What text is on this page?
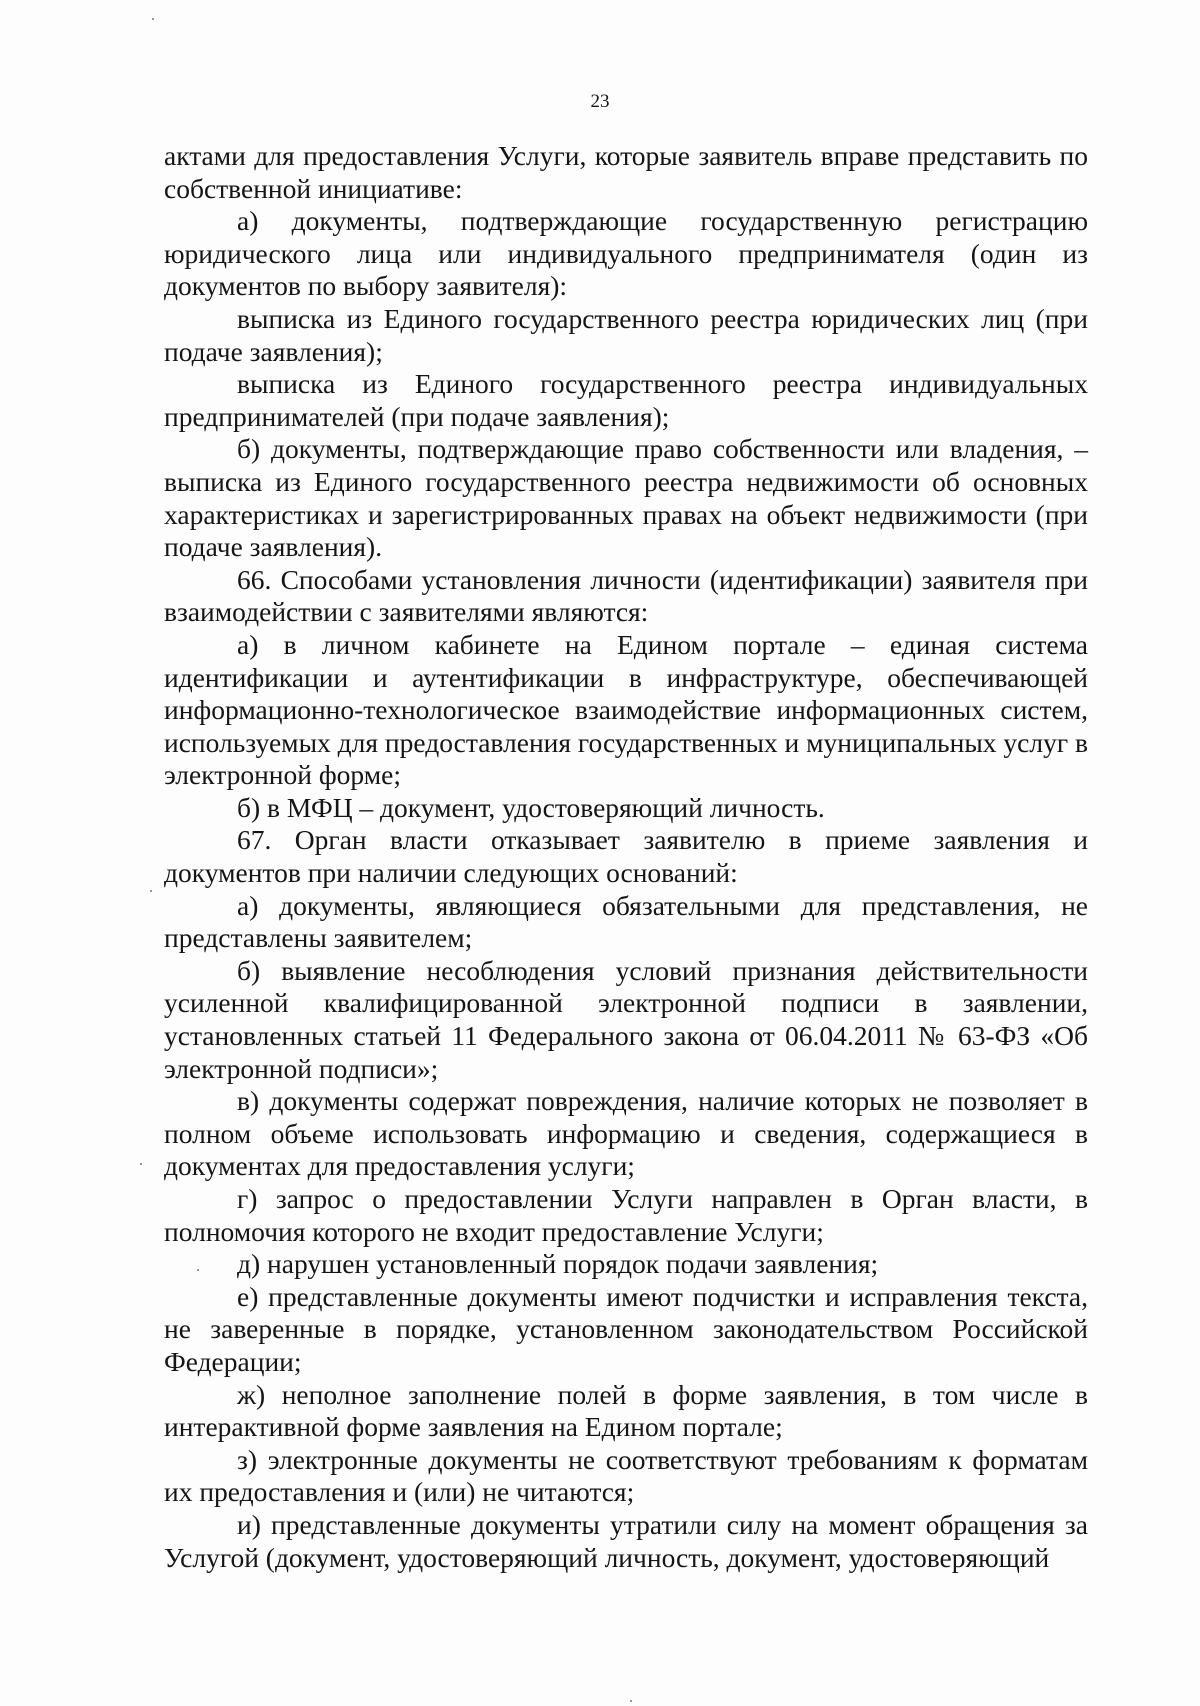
23

актами для предоставления Услуги, которые заявитель вправе представить по собственной инициативе:

а) документы, подтверждающие государственную регистрацию юридического лица или индивидуального предпринимателя (один из документов по выбору заявителя):

выписка из Единого государственного реестра юридических лиц (при подаче заявления);

выписка из Единого государственного реестра индивидуальных предпринимателей (при подаче заявления);

б) документы, подтверждающие право собственности или владения, – выписка из Единого государственного реестра недвижимости об основных характеристиках и зарегистрированных правах на объект недвижимости (при подаче заявления).

66. Способами установления личности (идентификации) заявителя при взаимодействии с заявителями являются:

а) в личном кабинете на Едином портале – единая система идентификации и аутентификации в инфраструктуре, обеспечивающей информационно-технологическое взаимодействие информационных систем, используемых для предоставления государственных и муниципальных услуг в электронной форме;

б) в МФЦ – документ, удостоверяющий личность.

67. Орган власти отказывает заявителю в приеме заявления и документов при наличии следующих оснований:

а) документы, являющиеся обязательными для представления, не представлены заявителем;

б) выявление несоблюдения условий признания действительности усиленной квалифицированной электронной подписи в заявлении, установленных статьей 11 Федерального закона от 06.04.2011 № 63-ФЗ «Об электронной подписи»;

в) документы содержат повреждения, наличие которых не позволяет в полном объеме использовать информацию и сведения, содержащиеся в документах для предоставления услуги;

г) запрос о предоставлении Услуги направлен в Орган власти, в полномочия которого не входит предоставление Услуги;

д) нарушен установленный порядок подачи заявления;

е) представленные документы имеют подчистки и исправления текста, не заверенные в порядке, установленном законодательством Российской Федерации;

ж) неполное заполнение полей в форме заявления, в том числе в интерактивной форме заявления на Едином портале;

з) электронные документы не соответствуют требованиям к форматам их предоставления и (или) не читаются;

и) представленные документы утратили силу на момент обращения за Услугой (документ, удостоверяющий личность, документ, удостоверяющий
